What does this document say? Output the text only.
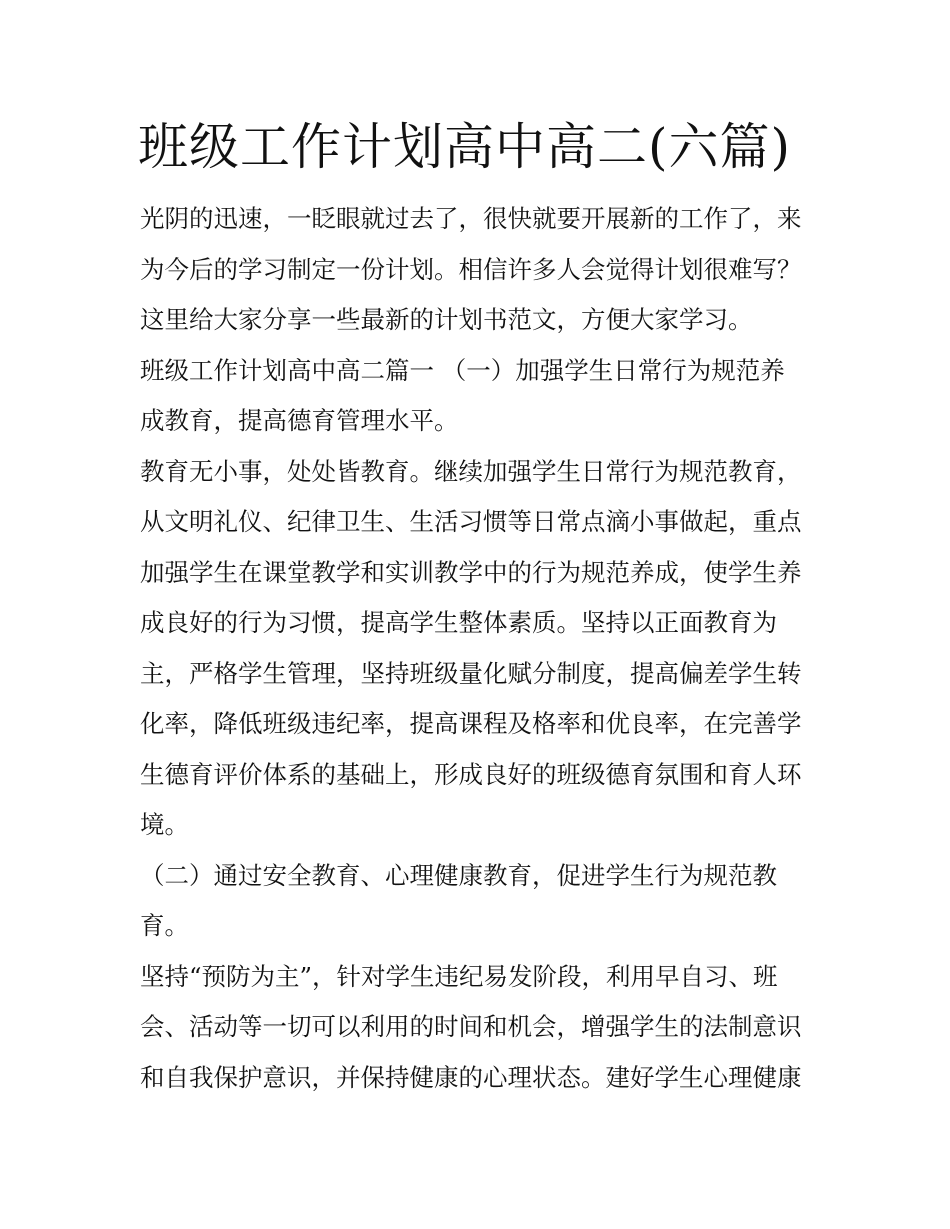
班级工作计划高中高二(六篇)

光阴的迅速，一眨眼就过去了，很快就要开展新的工作了，来

为今后的学习制定一份计划。相信许多人会觉得计划很难写？

这里给大家分享一些最新的计划书范文，方便大家学习。

班级工作计划高中高二篇一 （一）加强学生日常行为规范养

成教育，提高德育管理水平。

教育无小事，处处皆教育。继续加强学生日常行为规范教育，

从文明礼仪、纪律卫生、生活习惯等日常点滴小事做起，重点

加强学生在课堂教学和实训教学中的行为规范养成，使学生养

成良好的行为习惯，提高学生整体素质。坚持以正面教育为

主，严格学生管理，坚持班级量化赋分制度，提高偏差学生转

化率，降低班级违纪率，提高课程及格率和优良率，在完善学

生德育评价体系的基础上，形成良好的班级德育氛围和育人环

境。

（二）通过安全教育、心理健康教育，促进学生行为规范教

育。

坚持“预防为主”，针对学生违纪易发阶段，利用早自习、班

会、活动等一切可以利用的时间和机会，增强学生的法制意识

和自我保护意识，并保持健康的心理状态。建好学生心理健康
